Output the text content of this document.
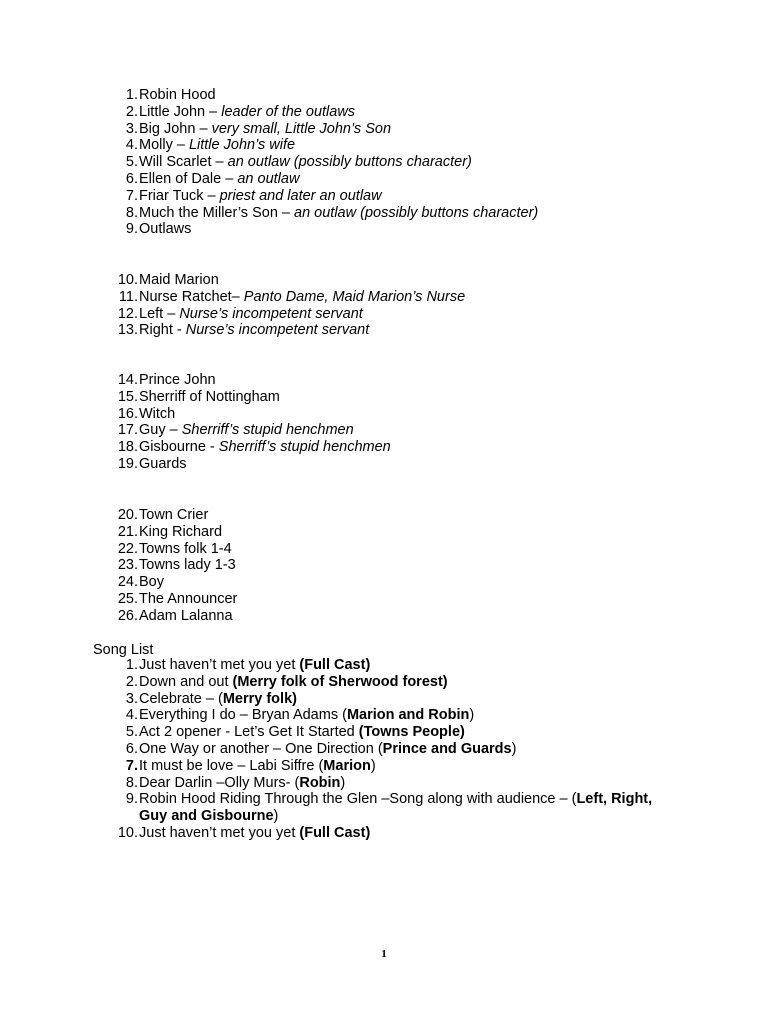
1. Robin Hood
2. Little John – leader of the outlaws
3. Big John – very small, Little John’s Son
4. Molly – Little John’s wife
5. Will Scarlet – an outlaw (possibly buttons character)
6. Ellen of Dale – an outlaw
7. Friar Tuck – priest and later an outlaw
8. Much the Miller’s Son – an outlaw (possibly buttons character)
9. Outlaws
10. Maid Marion
11. Nurse Ratchet– Panto Dame, Maid Marion’s Nurse
12. Left – Nurse’s incompetent servant
13. Right - Nurse’s incompetent servant
14. Prince John
15. Sherriff of Nottingham
16. Witch
17. Guy – Sherriff’s stupid henchmen
18. Gisbourne - Sherriff’s stupid henchmen
19. Guards
20. Town Crier
21. King Richard
22. Towns folk 1-4
23. Towns lady 1-3
24. Boy
25. The Announcer
26. Adam Lalanna
Song List
1. Just haven’t met you yet (Full Cast)
2. Down and out (Merry folk of Sherwood forest)
3. Celebrate – (Merry folk)
4. Everything I do – Bryan Adams (Marion and Robin)
5. Act 2 opener - Let’s Get It Started (Towns People)
6. One Way or another – One Direction (Prince and Guards)
7. It must be love – Labi Siffre (Marion)
8. Dear Darlin –Olly Murs- (Robin)
9. Robin Hood Riding Through the Glen –Song along with audience – (Left, Right, Guy and Gisbourne)
10. Just haven’t met you yet (Full Cast)
1
